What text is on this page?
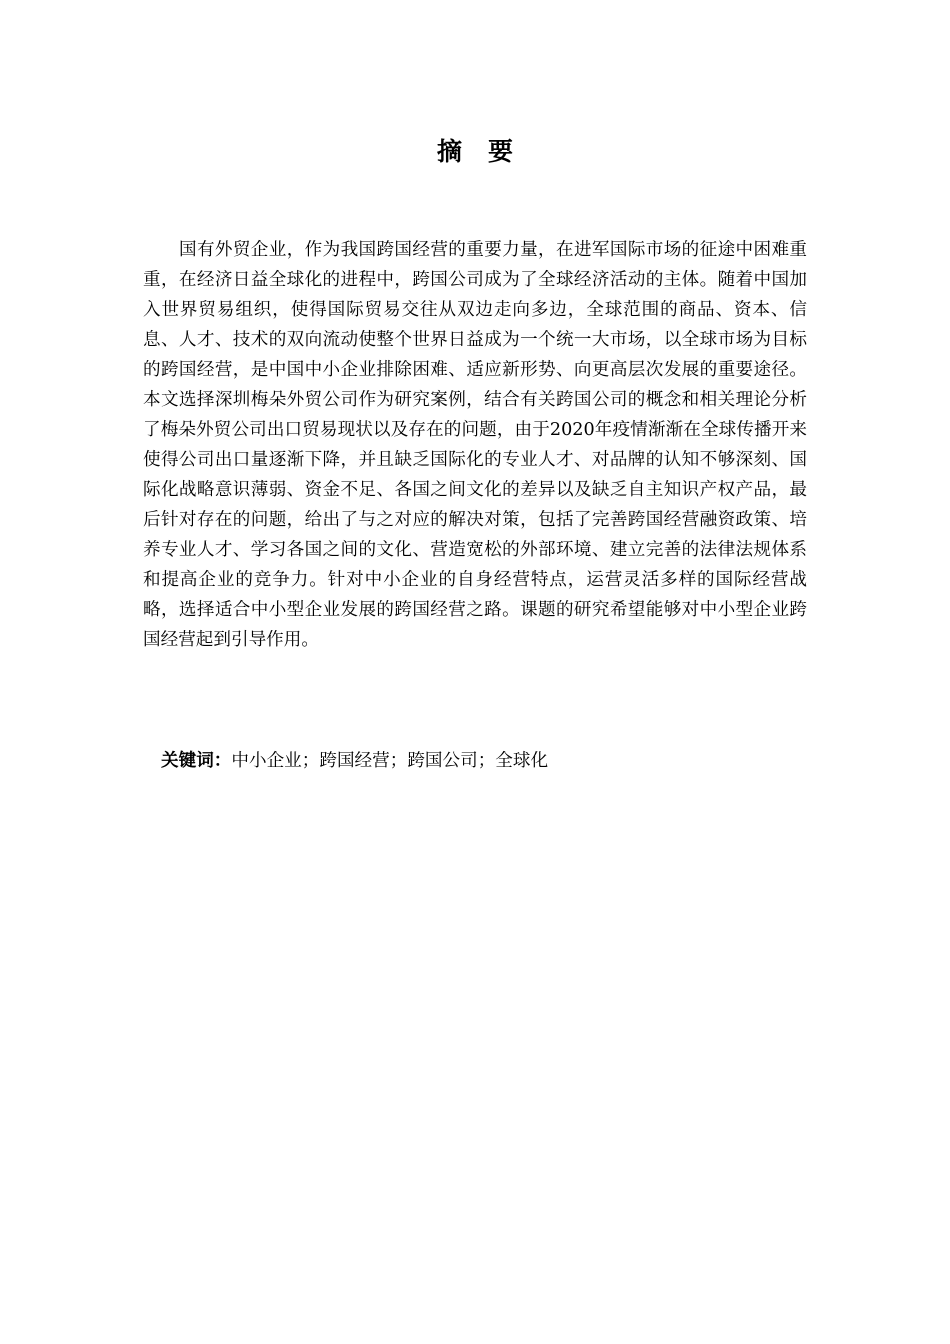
摘 要

国有外贸企业，作为我国跨国经营的重要力量，在进军国际市场的征途中困难重重，在经济日益全球化的进程中，跨国公司成为了全球经济活动的主体。随着中国加入世界贸易组织，使得国际贸易交往从双边走向多边，全球范围的商品、资本、信息、人才、技术的双向流动使整个世界日益成为一个统一大市场，以全球市场为目标的跨国经营，是中国中小企业排除困难、适应新形势、向更高层次发展的重要途径。本文选择深圳梅朵外贸公司作为研究案例，结合有关跨国公司的概念和相关理论分析了梅朵外贸公司出口贸易现状以及存在的问题，由于2020年疫情渐渐在全球传播开来使得公司出口量逐渐下降，并且缺乏国际化的专业人才、对品牌的认知不够深刻、国际化战略意识薄弱、资金不足、各国之间文化的差异以及缺乏自主知识产权产品，最后针对存在的问题，给出了与之对应的解决对策，包括了完善跨国经营融资政策、培养专业人才、学习各国之间的文化、营造宽松的外部环境、建立完善的法律法规体系和提高企业的竞争力。针对中小企业的自身经营特点，运营灵活多样的国际经营战略，选择适合中小型企业发展的跨国经营之路。课题的研究希望能够对中小型企业跨国经营起到引导作用。

关键词：中小企业；跨国经营；跨国公司；全球化
